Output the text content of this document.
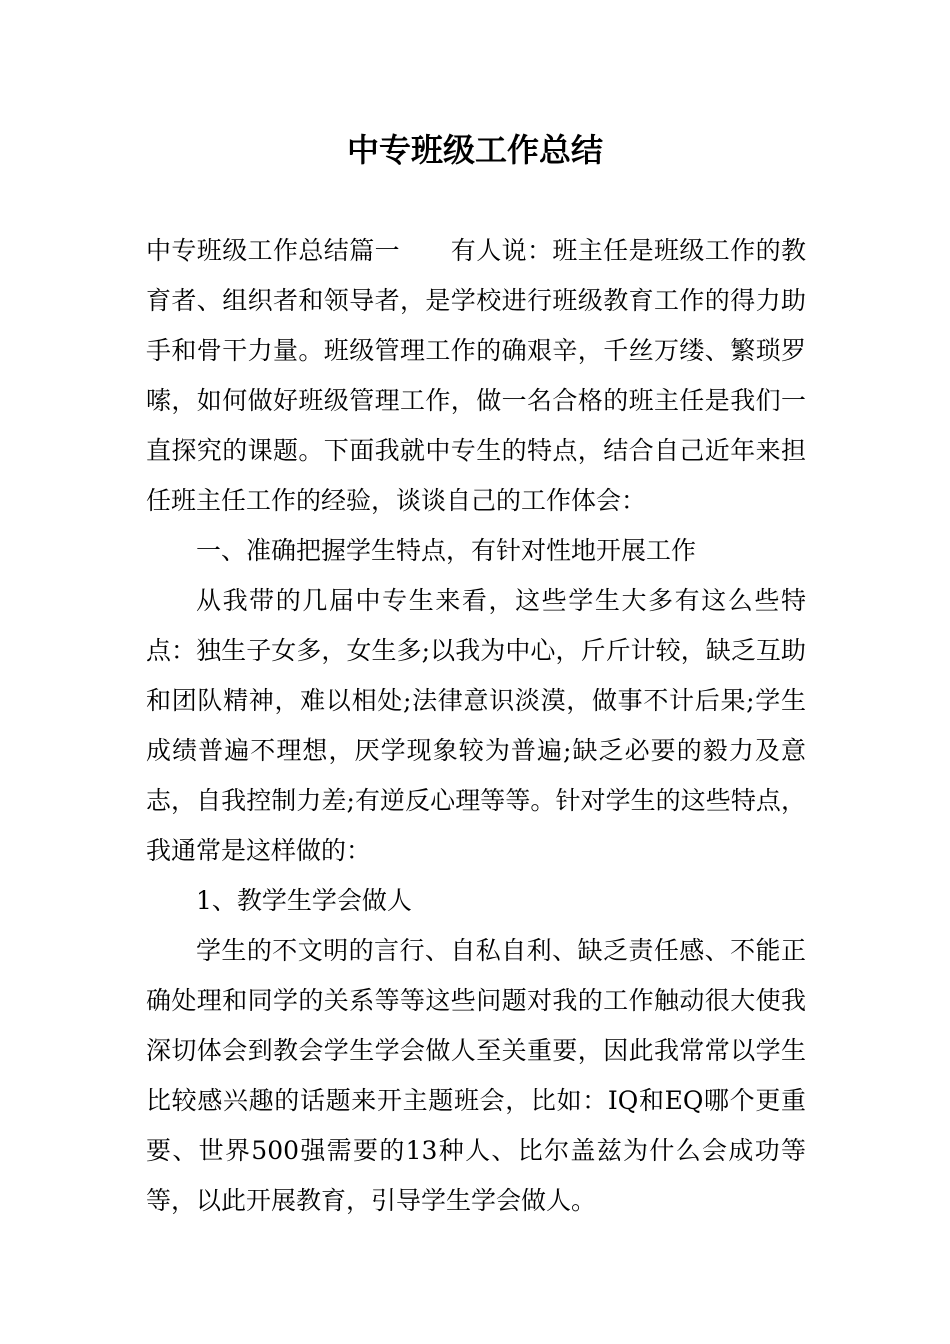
中专班级工作总结

中专班级工作总结篇一　　有人说：班主任是班级工作的教育者、组织者和领导者，是学校进行班级教育工作的得力助手和骨干力量。班级管理工作的确艰辛，千丝万缕、繁琐罗嗦，如何做好班级管理工作，做一名合格的班主任是我们一直探究的课题。下面我就中专生的特点，结合自己近年来担任班主任工作的经验，谈谈自己的工作体会：

一、准确把握学生特点，有针对性地开展工作

从我带的几届中专生来看，这些学生大多有这么些特点：独生子女多，女生多;以我为中心，斤斤计较，缺乏互助和团队精神，难以相处;法律意识淡漠，做事不计后果;学生成绩普遍不理想，厌学现象较为普遍;缺乏必要的毅力及意志，自我控制力差;有逆反心理等等。针对学生的这些特点，我通常是这样做的：

1、教学生学会做人

学生的不文明的言行、自私自利、缺乏责任感、不能正确处理和同学的关系等等这些问题对我的工作触动很大使我深切体会到教会学生学会做人至关重要，因此我常常以学生比较感兴趣的话题来开主题班会，比如：IQ和EQ哪个更重要、世界500强需要的13种人、比尔盖兹为什么会成功等等，以此开展教育，引导学生学会做人。
